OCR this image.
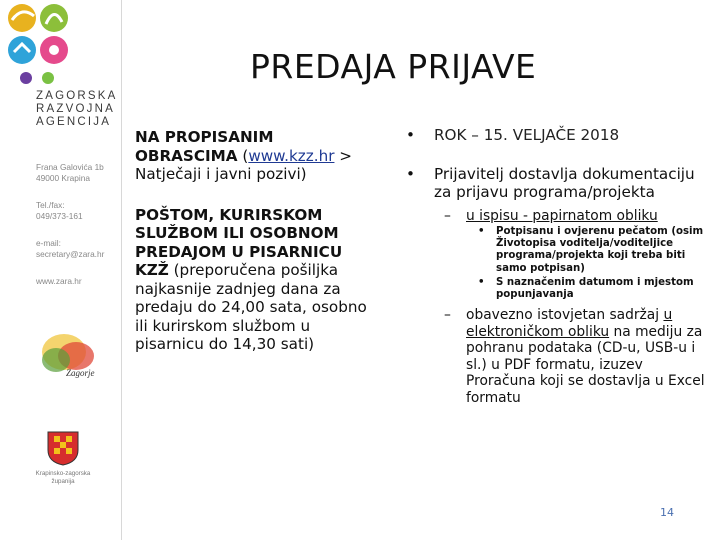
ZAGORSKA
RAZVOJNA
AGENCIJA
Frana Galovića 1b
49000 Krapina
Tel./fax:
049/373-161
e-mail:
secretary@zara.hr
www.zara.hr
Zagorje
Krapinsko-zagorska
županija
PREDAJA PRIJAVE
NA PROPISANIM OBRASCIMA (www.kzz.hr > Natječaji i javni pozivi)
POŠTOM, KURIRSKOM SLUŽBOM ILI OSOBNOM PREDAJOM U PISARNICU KZŽ (preporučena pošiljka najkasnije zadnjeg dana za predaju do 24,00 sata, osobno ili kurirskom službom u pisarnicu do 14,30 sati)
•	ROK – 15. VELJAČE 2018
•	Prijavitelj dostavlja dokumentaciju za prijavu programa/projekta
–	u ispisu - papirnatom obliku
•	Potpisanu i ovjerenu pečatom (osim Životopisa voditelja/voditeljice programa/projekta koji treba biti samo potpisan)
•	S naznačenim datumom i mjestom popunjavanja
–	obavezno istovjetan sadržaj u elektroničkom obliku na mediju za pohranu podataka (CD-u, USB-u i sl.) u PDF formatu, izuzev Proračuna koji se dostavlja u Excel formatu
14
